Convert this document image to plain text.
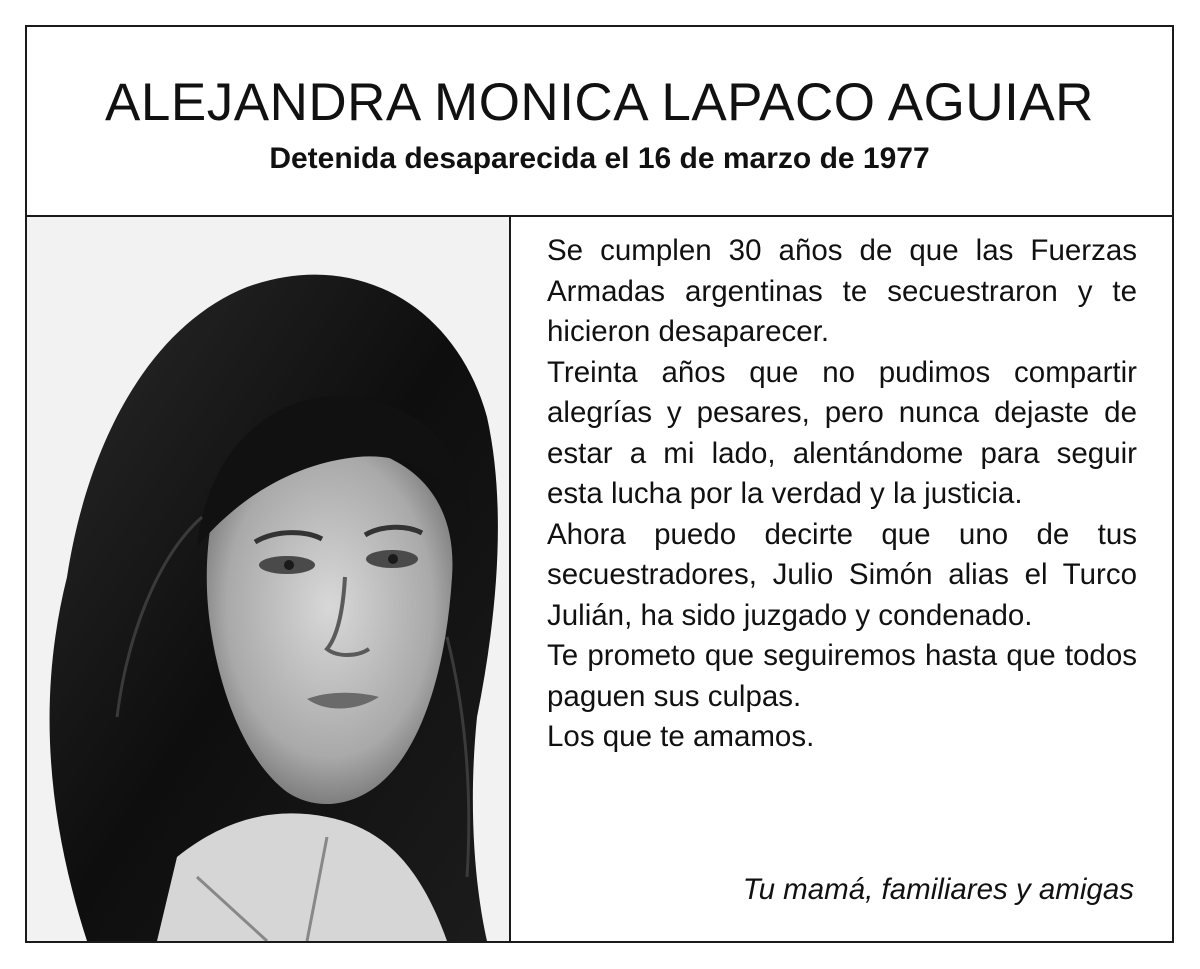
ALEJANDRA MONICA LAPACO AGUIAR
Detenida desaparecida el 16 de marzo de 1977

Se cumplen 30 años de que las Fuerzas Armadas argentinas te secuestraron y te hicieron desaparecer.

Treinta años que no pudimos compartir alegrías y pesares, pero nunca dejaste de estar a mi lado, alentándome para seguir esta lucha por la verdad y la justicia.

Ahora puedo decirte que uno de tus secuestradores, Julio Simón alias el Turco Julián, ha sido juzgado y condenado.

Te prometo que seguiremos hasta que todos paguen sus culpas.

Los que te amamos.

Tu mamá, familiares y amigas
